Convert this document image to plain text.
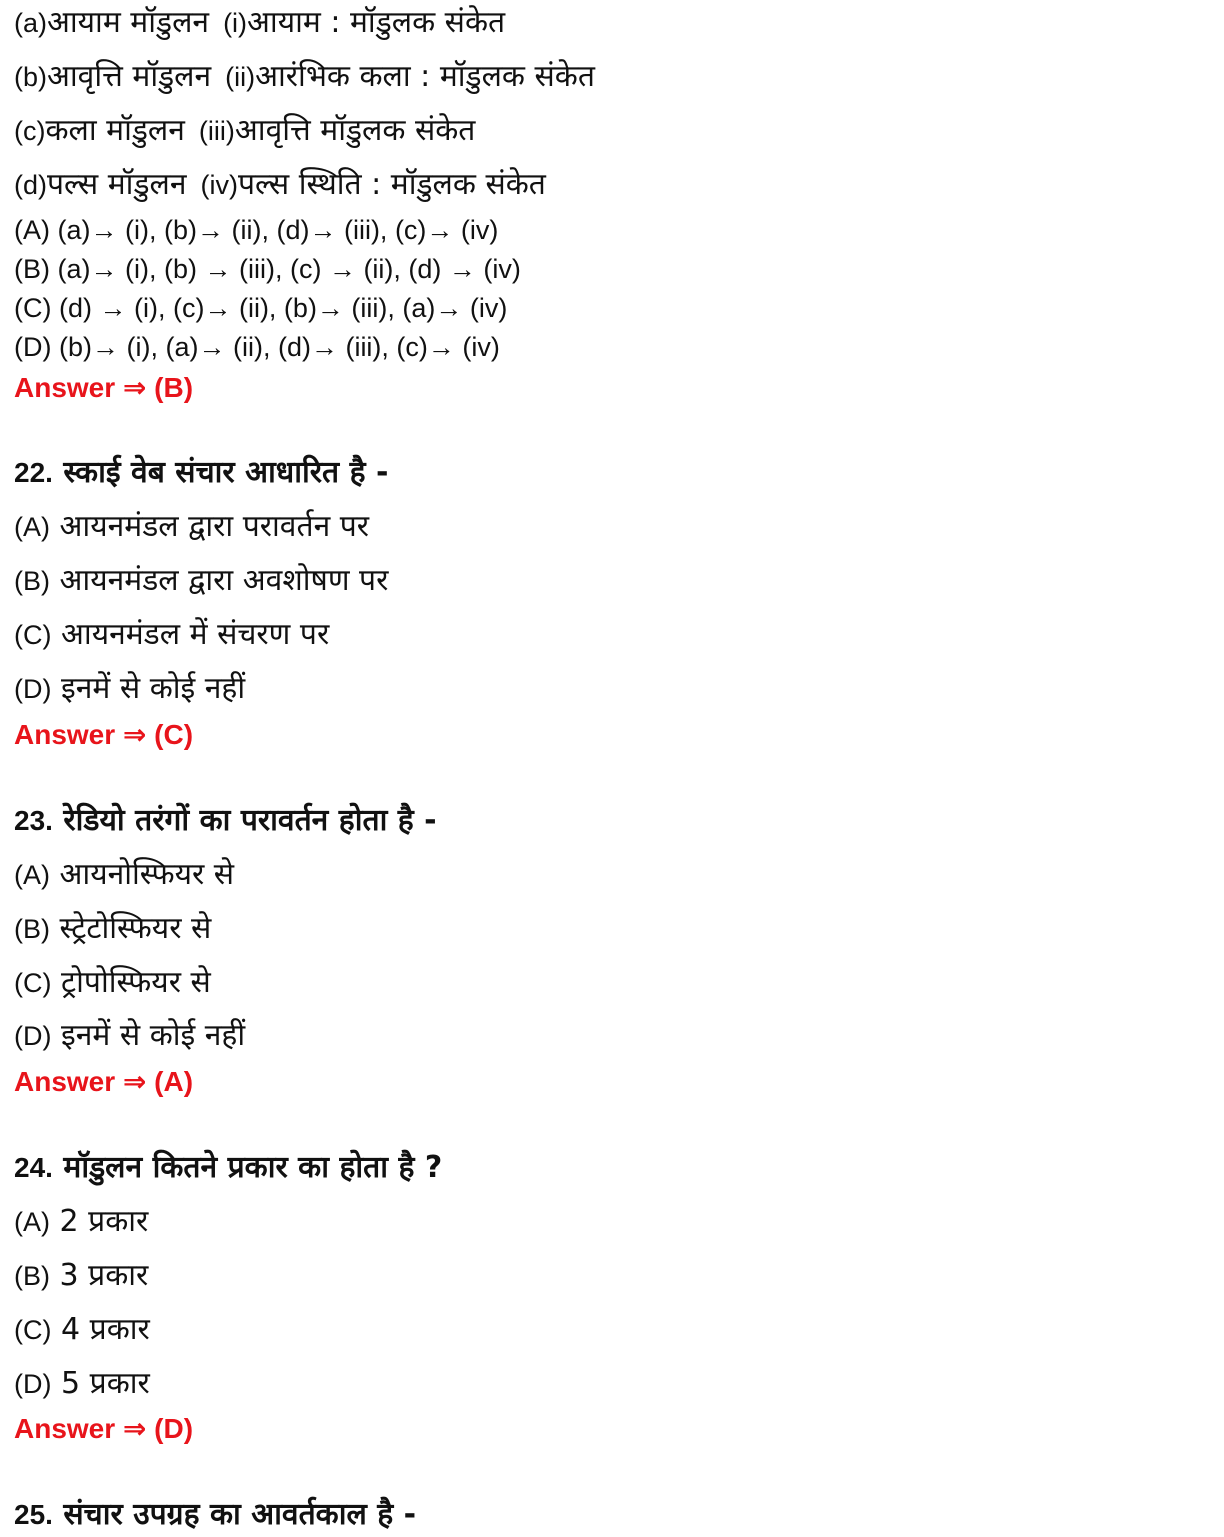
(a)आयाम मॉडुलन (i)आयाम : मॉडुलक संकेत
(b)आवृत्ति मॉडुलन (ii)आरंभिक कला : मॉडुलक संकेत
(c)कला मॉडुलन (iii)आवृत्ति मॉडुलक संकेत
(d)पल्स मॉडुलन (iv)पल्स स्थिति : मॉडुलक संकेत
(A) (a)→ (i), (b)→ (ii), (d)→ (iii), (c)→ (iv)
(B) (a)→ (i), (b) → (iii), (c) → (ii), (d) → (iv)
(C) (d) → (i), (c)→ (ii), (b)→ (iii), (a)→ (iv)
(D) (b)→ (i), (a)→ (ii), (d)→ (iii), (c)→ (iv)
Answer ⇒ (B)
22. स्काई वेब संचार आधारित है -
(A) आयनमंडल द्वारा परावर्तन पर
(B) आयनमंडल द्वारा अवशोषण पर
(C) आयनमंडल में संचरण पर
(D) इनमें से कोई नहीं
Answer ⇒ (C)
23. रेडियो तरंगों का परावर्तन होता है -
(A) आयनोस्फियर से
(B) स्ट्रेटोस्फियर से
(C) ट्रोपोस्फियर से
(D) इनमें से कोई नहीं
Answer ⇒ (A)
24. मॉडुलन कितने प्रकार का होता है ?
(A) 2 प्रकार
(B) 3 प्रकार
(C) 4 प्रकार
(D) 5 प्रकार
Answer ⇒ (D)
25. संचार उपग्रह का आवर्तकाल है -
